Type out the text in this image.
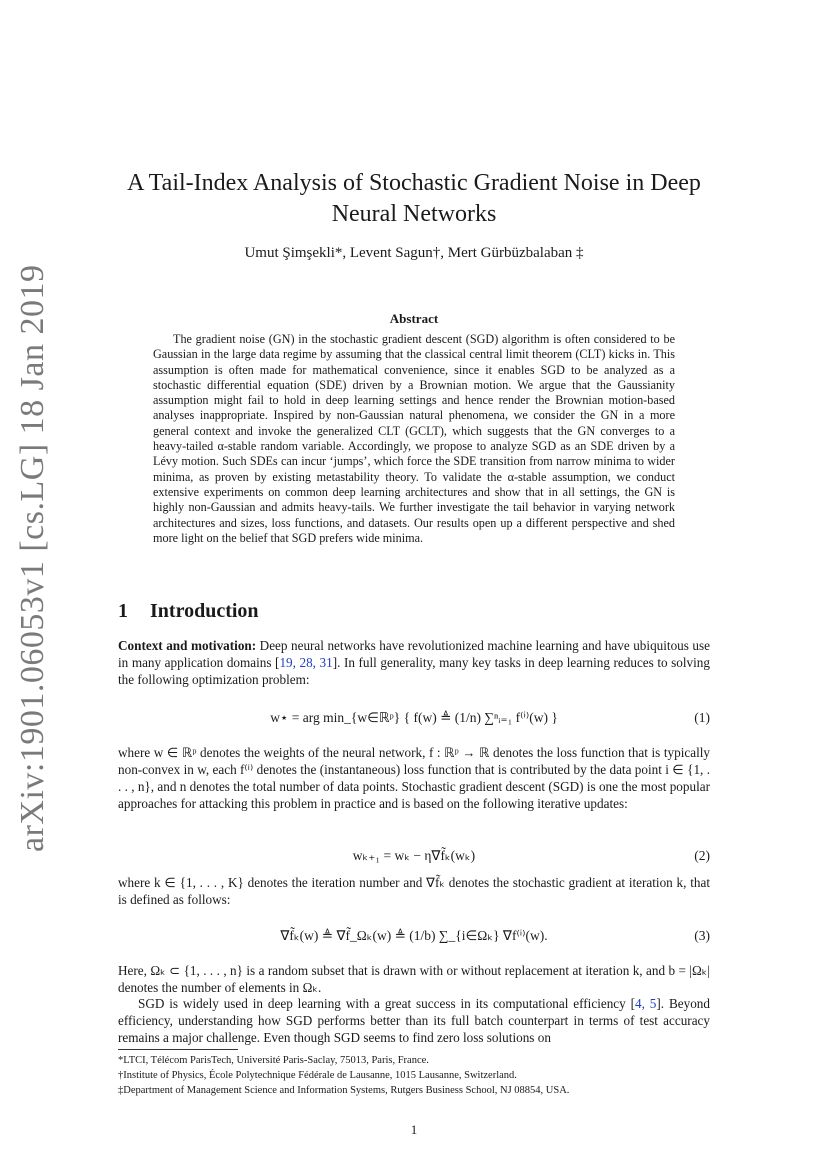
arXiv:1901.06053v1 [cs.LG] 18 Jan 2019
A Tail-Index Analysis of Stochastic Gradient Noise in Deep Neural Networks
Umut Şimşekli*, Levent Sagun†, Mert Gürbüzbalaban ‡
Abstract
The gradient noise (GN) in the stochastic gradient descent (SGD) algorithm is often considered to be Gaussian in the large data regime by assuming that the classical central limit theorem (CLT) kicks in. This assumption is often made for mathematical convenience, since it enables SGD to be analyzed as a stochastic differential equation (SDE) driven by a Brownian motion. We argue that the Gaussianity assumption might fail to hold in deep learning settings and hence render the Brownian motion-based analyses inappropriate. Inspired by non-Gaussian natural phenomena, we consider the GN in a more general context and invoke the generalized CLT (GCLT), which suggests that the GN converges to a heavy-tailed α-stable random variable. Accordingly, we propose to analyze SGD as an SDE driven by a Lévy motion. Such SDEs can incur ‘jumps’, which force the SDE transition from narrow minima to wider minima, as proven by existing metastability theory. To validate the α-stable assumption, we conduct extensive experiments on common deep learning architectures and show that in all settings, the GN is highly non-Gaussian and admits heavy-tails. We further investigate the tail behavior in varying network architectures and sizes, loss functions, and datasets. Our results open up a different perspective and shed more light on the belief that SGD prefers wide minima.
1 Introduction
Context and motivation: Deep neural networks have revolutionized machine learning and have ubiquitous use in many application domains [19, 28, 31]. In full generality, many key tasks in deep learning reduces to solving the following optimization problem:
w⋆ = arg min_{w∈ℝᵖ} { f(w) ≜ (1/n) ∑ⁿᵢ₌₁ f⁽ⁱ⁾(w) }	(1)
where w ∈ ℝᵖ denotes the weights of the neural network, f : ℝᵖ → ℝ denotes the loss function that is typically non-convex in w, each f⁽ⁱ⁾ denotes the (instantaneous) loss function that is contributed by the data point i ∈ {1, . . . , n}, and n denotes the total number of data points. Stochastic gradient descent (SGD) is one the most popular approaches for attacking this problem in practice and is based on the following iterative updates:
wₖ₊₁ = wₖ − η∇f̃ₖ(wₖ)	(2)
where k ∈ {1, . . . , K} denotes the iteration number and ∇f̃ₖ denotes the stochastic gradient at iteration k, that is defined as follows:
∇f̃ₖ(w) ≜ ∇f̃_Ωₖ(w) ≜ (1/b) ∑_{i∈Ωₖ} ∇f⁽ⁱ⁾(w).	(3)
Here, Ωₖ ⊂ {1, . . . , n} is a random subset that is drawn with or without replacement at iteration k, and b = |Ωₖ| denotes the number of elements in Ωₖ.
SGD is widely used in deep learning with a great success in its computational efficiency [4, 5]. Beyond efficiency, understanding how SGD performs better than its full batch counterpart in terms of test accuracy remains a major challenge. Even though SGD seems to find zero loss solutions on
*LTCI, Télécom ParisTech, Université Paris-Saclay, 75013, Paris, France.
†Institute of Physics, École Polytechnique Fédérale de Lausanne, 1015 Lausanne, Switzerland.
‡Department of Management Science and Information Systems, Rutgers Business School, NJ 08854, USA.
1
